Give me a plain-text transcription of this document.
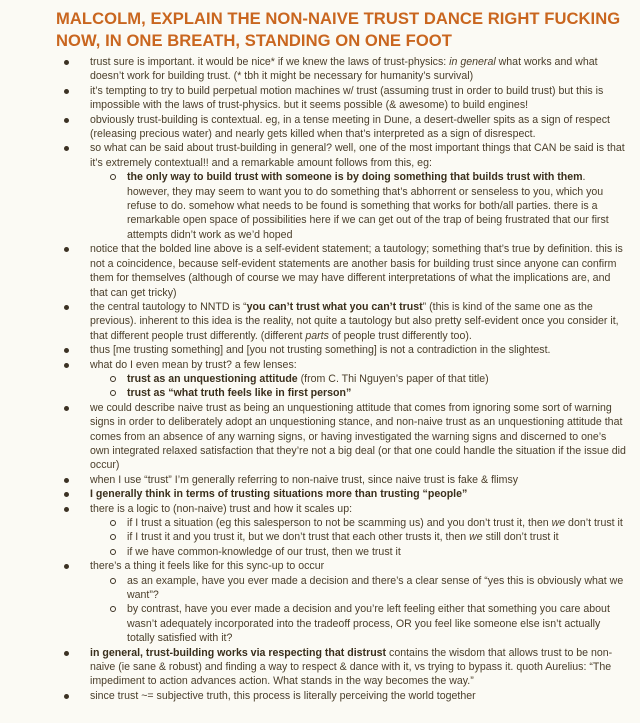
MALCOLM, EXPLAIN THE NON-NAIVE TRUST DANCE RIGHT FUCKING NOW, IN ONE BREATH, STANDING ON ONE FOOT
trust sure is important. it would be nice* if we knew the laws of trust-physics: in general what works and what doesn’t work for building trust. (* tbh it might be necessary for humanity’s survival)
it’s tempting to try to build perpetual motion machines w/ trust (assuming trust in order to build trust) but this is impossible with the laws of trust-physics. but it seems possible (& awesome) to build engines!
obviously trust-building is contextual. eg, in a tense meeting in Dune, a desert-dweller spits as a sign of respect (releasing precious water) and nearly gets killed when that’s interpreted as a sign of disrespect.
so what can be said about trust-building in general? well, one of the most important things that CAN be said is that it’s extremely contextual!! and a remarkable amount follows from this, eg:
the only way to build trust with someone is by doing something that builds trust with them. however, they may seem to want you to do something that’s abhorrent or senseless to you, which you refuse to do. somehow what needs to be found is something that works for both/all parties. there is a remarkable open space of possibilities here if we can get out of the trap of being frustrated that our first attempts didn’t work as we’d hoped
notice that the bolded line above is a self-evident statement; a tautology; something that’s true by definition. this is not a coincidence, because self-evident statements are another basis for building trust since anyone can confirm them for themselves (although of course we may have different interpretations of what the implications are, and that can get tricky)
the central tautology to NNTD is “you can’t trust what you can’t trust” (this is kind of the same one as the previous). inherent to this idea is the reality, not quite a tautology but also pretty self-evident once you consider it, that different people trust differently. (different parts of people trust differently too).
thus [me trusting something] and [you not trusting something] is not a contradiction in the slightest.
what do I even mean by trust? a few lenses:
trust as an unquestioning attitude (from C. Thi Nguyen’s paper of that title)
trust as “what truth feels like in first person”
we could describe naive trust as being an unquestioning attitude that comes from ignoring some sort of warning signs in order to deliberately adopt an unquestioning stance, and non-naive trust as an unquestioning attitude that comes from an absence of any warning signs, or having investigated the warning signs and discerned to one’s own integrated relaxed satisfaction that they’re not a big deal (or that one could handle the situation if the issue did occur)
when I use “trust” I’m generally referring to non-naive trust, since naive trust is fake & flimsy
I generally think in terms of trusting situations more than trusting “people”
there is a logic to (non-naive) trust and how it scales up:
if I trust a situation (eg this salesperson to not be scamming us) and you don’t trust it, then we don’t trust it
if I trust it and you trust it, but we don’t trust that each other trusts it, then we still don’t trust it
if we have common-knowledge of our trust, then we trust it
there’s a thing it feels like for this sync-up to occur
as an example, have you ever made a decision and there’s a clear sense of “yes this is obviously what we want”?
by contrast, have you ever made a decision and you’re left feeling either that something you care about wasn’t adequately incorporated into the tradeoff process, OR you feel like someone else isn’t actually totally satisfied with it?
in general, trust-building works via respecting that distrust contains the wisdom that allows trust to be non-naive (ie sane & robust) and finding a way to respect & dance with it, vs trying to bypass it. quoth Aurelius: “The impediment to action advances action. What stands in the way becomes the way.”
since trust ~= subjective truth, this process is literally perceiving the world together
